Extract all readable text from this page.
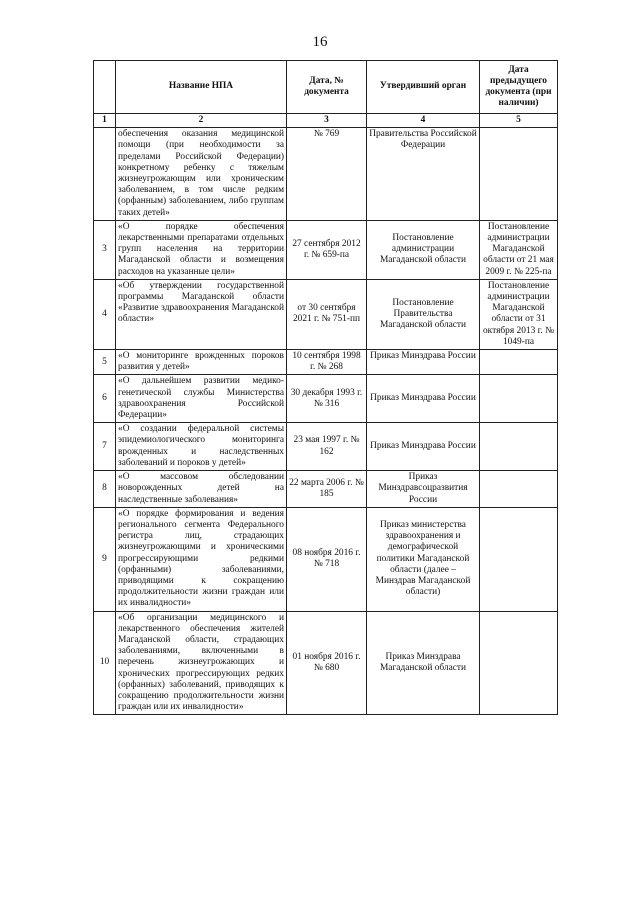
16
	Название НПА	Дата, № документа	Утвердивший орган	Дата предыдущего документа (при наличии)
1	2	3	4	5
	обеспечения оказания медицинской помощи (при необходимости за пределами Российской Федерации) конкретному ребенку с тяжелым жизнеугрожающим или хроническим заболеванием, в том числе редким (орфанным) заболеванием, либо группам таких детей»	№ 769	Правительства Российской Федерации	
3	«О порядке обеспечения лекарственными препаратами отдельных групп населения на территории Магаданской области и возмещения расходов на указанные цели»	27 сентября 2012 г. № 659-па	Постановление администрации Магаданской области	Постановление администрации Магаданской области от 21 мая 2009 г. № 225-па
4	«Об утверждении государственной программы Магаданской области «Развитие здравоохранения Магаданской области»	от 30 сентября 2021 г. № 751-пп	Постановление Правительства Магаданской области	Постановление администрации Магаданской области от 31 октября 2013 г. № 1049-па
5	«О мониторинге врожденных пороков развития у детей»	10 сентября 1998 г. № 268	Приказ Минздрава России	
6	«О дальнейшем развитии медико-генетической службы Министерства здравоохранения Российской Федерации»	30 декабря 1993 г. № 316	Приказ Минздрава России	
7	«О создании федеральной системы эпидемиологического мониторинга врожденных и наследственных заболеваний и пороков у детей»	23 мая 1997 г. № 162	Приказ Минздрава России	
8	«О массовом обследовании новорожденных детей на наследственные заболевания»	22 марта 2006 г. № 185	Приказ Минздравсоцразвития России	
9	«О порядке формирования и ведения регионального сегмента Федерального регистра лиц, страдающих жизнеугрожающими и хроническими прогрессирующими редкими (орфанными) заболеваниями, приводящими к сокращению продолжительности жизни граждан или их инвалидности»	08 ноября 2016 г. № 718	Приказ министерства здравоохранения и демографической политики Магаданской области (далее – Минздрав Магаданской области)	
10	«Об организации медицинского и лекарственного обеспечения жителей Магаданской области, страдающих заболеваниями, включенными в перечень жизнеугрожающих и хронических прогрессирующих редких (орфанных) заболеваний, приводящих к сокращению продолжительности жизни граждан или их инвалидности»	01 ноября 2016 г. № 680	Приказ Минздрава Магаданской области	
